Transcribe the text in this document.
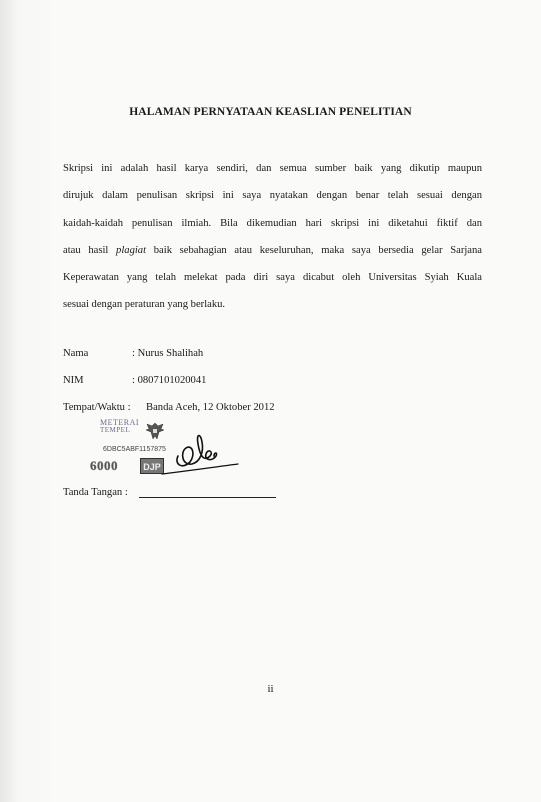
HALAMAN PERNYATAAN KEASLIAN PENELITIAN
Skripsi ini adalah hasil karya sendiri, dan semua sumber baik yang dikutip maupun
dirujuk dalam penulisan skripsi ini saya nyatakan dengan benar telah sesuai dengan
kaidah-kaidah penulisan ilmiah. Bila dikemudian hari skripsi ini diketahui fiktif dan
atau hasil plagiat baik sebahagian atau keseluruhan, maka saya bersedia gelar Sarjana
Keperawatan yang telah melekat pada diri saya dicabut oleh Universitas Syiah Kuala
sesuai dengan peraturan yang berlaku.
Nama	: Nurus Shalihah
NIM	: 0807101020041
Tempat/Waktu : Banda Aceh, 12 Oktober 2012
METERAI
TEMPEL
6DBC5ABF1157875
6000	DJP
Tanda Tangan :
ii
